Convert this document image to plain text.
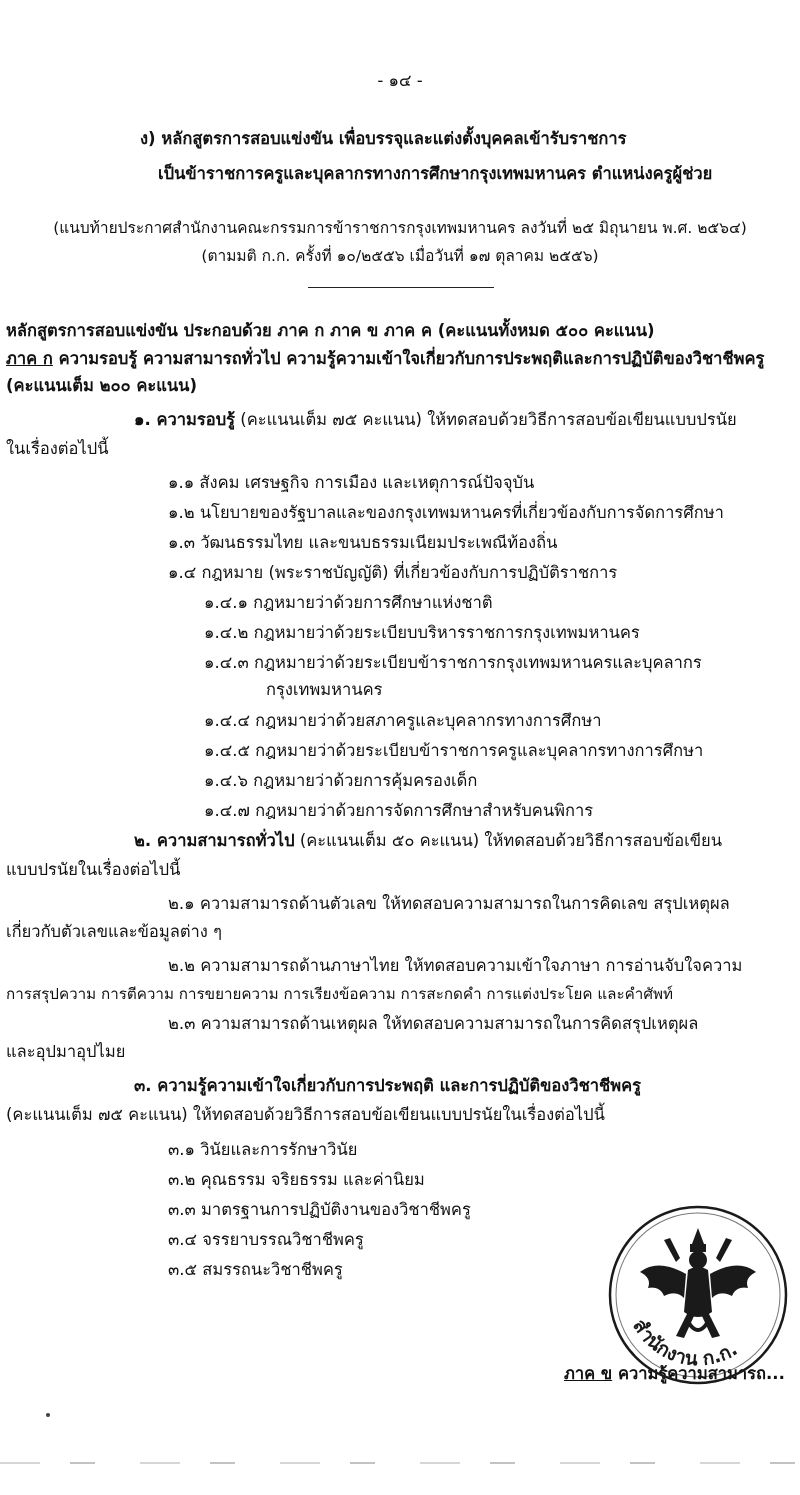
- ๑๔ -
ง) หลักสูตรการสอบแข่งขัน เพื่อบรรจุและแต่งตั้งบุคคลเข้ารับราชการ
เป็นข้าราชการครูและบุคลากรทางการศึกษากรุงเทพมหานคร ตำแหน่งครูผู้ช่วย
(แนบท้ายประกาศสำนักงานคณะกรรมการข้าราชการกรุงเทพมหานคร ลงวันที่ ๒๕ มิถุนายน พ.ศ. ๒๕๖๔)
(ตามมติ ก.ก. ครั้งที่ ๑๐/๒๕๕๖ เมื่อวันที่ ๑๗ ตุลาคม ๒๕๕๖)
หลักสูตรการสอบแข่งขัน ประกอบด้วย ภาค ก ภาค ข ภาค ค (คะแนนทั้งหมด ๕๐๐ คะแนน)
ภาค ก ความรอบรู้ ความสามารถทั่วไป ความรู้ความเข้าใจเกี่ยวกับการประพฤติและการปฏิบัติของวิชาชีพครู
(คะแนนเต็ม ๒๐๐ คะแนน)
๑. ความรอบรู้ (คะแนนเต็ม ๗๕ คะแนน) ให้ทดสอบด้วยวิธีการสอบข้อเขียนแบบปรนัย
ในเรื่องต่อไปนี้
๑.๑ สังคม เศรษฐกิจ การเมือง และเหตุการณ์ปัจจุบัน
๑.๒ นโยบายของรัฐบาลและของกรุงเทพมหานครที่เกี่ยวข้องกับการจัดการศึกษา
๑.๓ วัฒนธรรมไทย และขนบธรรมเนียมประเพณีท้องถิ่น
๑.๔ กฎหมาย (พระราชบัญญัติ) ที่เกี่ยวข้องกับการปฏิบัติราชการ
๑.๔.๑ กฎหมายว่าด้วยการศึกษาแห่งชาติ
๑.๔.๒ กฎหมายว่าด้วยระเบียบบริหารราชการกรุงเทพมหานคร
๑.๔.๓ กฎหมายว่าด้วยระเบียบข้าราชการกรุงเทพมหานครและบุคลากร
กรุงเทพมหานคร
๑.๔.๔ กฎหมายว่าด้วยสภาครูและบุคลากรทางการศึกษา
๑.๔.๕ กฎหมายว่าด้วยระเบียบข้าราชการครูและบุคลากรทางการศึกษา
๑.๔.๖ กฎหมายว่าด้วยการคุ้มครองเด็ก
๑.๔.๗ กฎหมายว่าด้วยการจัดการศึกษาสำหรับคนพิการ
๒. ความสามารถทั่วไป (คะแนนเต็ม ๕๐ คะแนน) ให้ทดสอบด้วยวิธีการสอบข้อเขียน
แบบปรนัยในเรื่องต่อไปนี้
๒.๑ ความสามารถด้านตัวเลข ให้ทดสอบความสามารถในการคิดเลข สรุปเหตุผล
เกี่ยวกับตัวเลขและข้อมูลต่าง ๆ
๒.๒ ความสามารถด้านภาษาไทย ให้ทดสอบความเข้าใจภาษา การอ่านจับใจความ
การสรุปความ การตีความ การขยายความ การเรียงข้อความ การสะกดคำ การแต่งประโยค และคำศัพท์
๒.๓ ความสามารถด้านเหตุผล ให้ทดสอบความสามารถในการคิดสรุปเหตุผล
และอุปมาอุปไมย
๓. ความรู้ความเข้าใจเกี่ยวกับการประพฤติ และการปฏิบัติของวิชาชีพครู
(คะแนนเต็ม ๗๕ คะแนน) ให้ทดสอบด้วยวิธีการสอบข้อเขียนแบบปรนัยในเรื่องต่อไปนี้
๓.๑ วินัยและการรักษาวินัย
๓.๒ คุณธรรม จริยธรรม และค่านิยม
๓.๓ มาตรฐานการปฏิบัติงานของวิชาชีพครู
๓.๔ จรรยาบรรณวิชาชีพครู
๓.๕ สมรรถนะวิชาชีพครู
ภาค ข ความรู้ความสามารถ...
สำนักงาน ก.ก.
